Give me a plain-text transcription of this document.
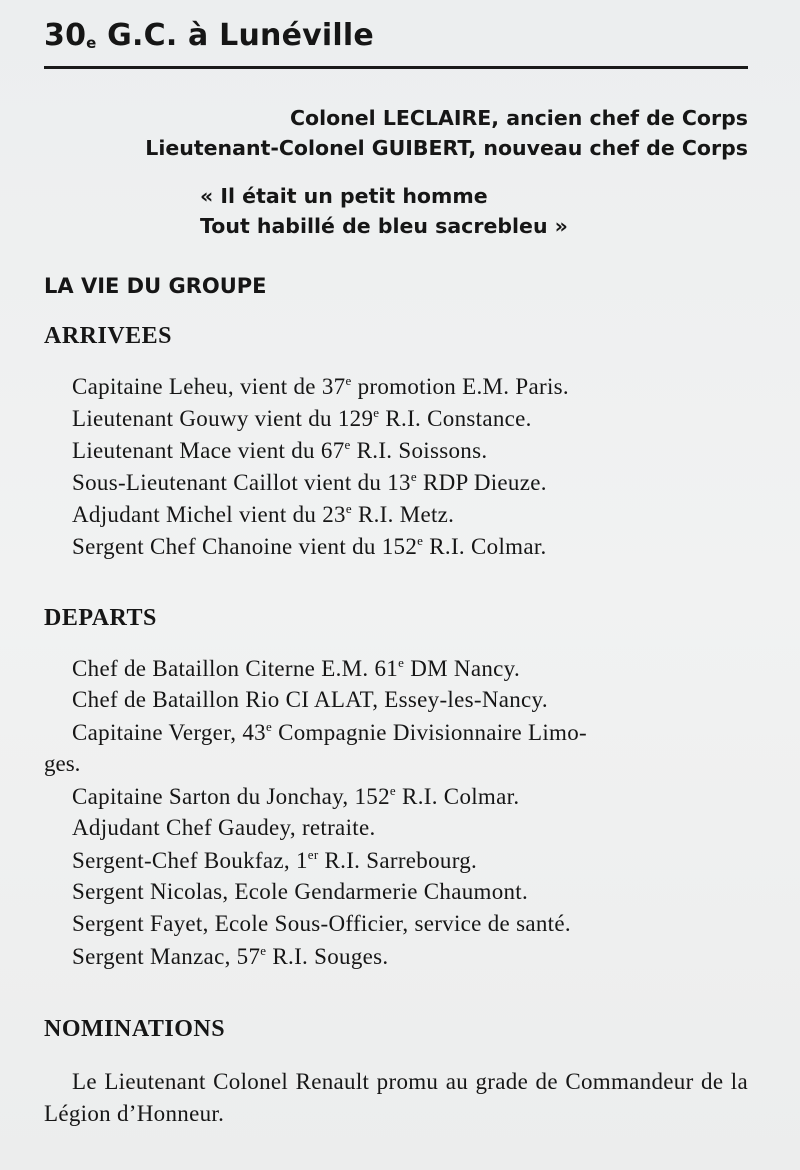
$30_e$ G.C. à Lunéville

Colonel LECLAIRE, ancien chef de Corps

Lieutenant-Colonel GUIBERT, nouveau chef de Corps

« Il était un petit homme

Tout habillé de bleu sacrebleu »

LA VIE DU GROUPE
ARRIVEES
Capitaine Leheu, vient de 37e promotion E.M. Paris.
Lieutenant Gouwy vient du 129e R.I. Constance.
Lieutenant Mace vient du 67e R.I. Soissons.
Sous-Lieutenant Caillot vient du 13e RDP Dieuze.
Adjudant Michel vient du 23e R.I. Metz.
Sergent Chef Chanoine vient du 152e R.I. Colmar.
DEPARTS
Chef de Bataillon Citerne E.M. 61e DM Nancy.
Chef de Bataillon Rio CI ALAT, Essey-les-Nancy.
Capitaine Verger, 43e Compagnie Divisionnaire Limo-
Capitaine Sarton du Jonchay, 152e R.I. Colmar.
Adjudant Chef Gaudey, retraite.
Sergent-Chef Boukfaz, 1er R.I. Sarrebourg.
Sergent Nicolas, Ecole Gendarmerie Chaumont.
Sergent Fayet, Ecole Sous-Officier, service de santé.
Sergent Manzac, 57e R.I. Souges.
ges.
NOMINATIONS

Le Lieutenant Colonel Renault promu au grade de Commandeur de la Légion d’Honneur.
